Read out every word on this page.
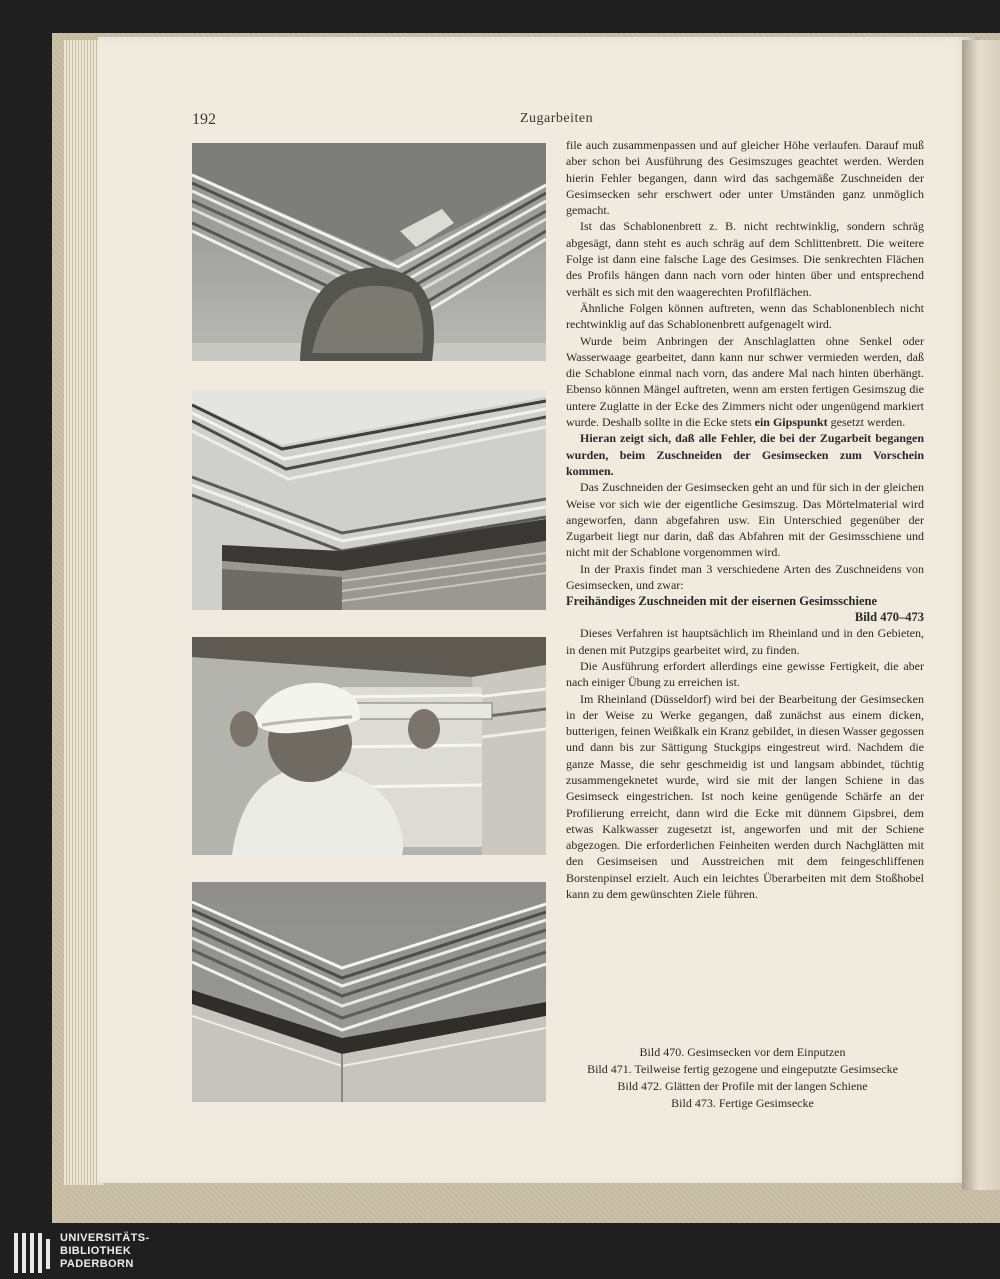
192	Zugarbeiten

file auch zusammenpassen und auf gleicher Höhe verlaufen. Darauf muß aber schon bei Ausführung des Gesimszuges geachtet werden. Werden hierin Fehler begangen, dann wird das sachgemäße Zuschneiden der Gesimsecken sehr erschwert oder unter Umständen ganz unmöglich gemacht.

Ist das Schablonenbrett z. B. nicht rechtwinklig, sondern schräg abgesägt, dann steht es auch schräg auf dem Schlittenbrett. Die weitere Folge ist dann eine falsche Lage des Gesimses. Die senkrechten Flächen des Profils hängen dann nach vorn oder hinten über und entsprechend verhält es sich mit den waagerechten Profilflächen.

Ähnliche Folgen können auftreten, wenn das Schablonenblech nicht rechtwinklig auf das Schablonenbrett aufgenagelt wird.

Wurde beim Anbringen der Anschlaglatten ohne Senkel oder Wasserwaage gearbeitet, dann kann nur schwer vermieden werden, daß die Schablone einmal nach vorn, das andere Mal nach hinten überhängt. Ebenso können Mängel auftreten, wenn am ersten fertigen Gesimszug die untere Zuglatte in der Ecke des Zimmers nicht oder ungenügend markiert wurde. Deshalb sollte in die Ecke stets ein Gipspunkt gesetzt werden.

Hieran zeigt sich, daß alle Fehler, die bei der Zugarbeit begangen wurden, beim Zuschneiden der Gesimsecken zum Vorschein kommen.

Das Zuschneiden der Gesimsecken geht an und für sich in der gleichen Weise vor sich wie der eigentliche Gesimszug. Das Mörtelmaterial wird angeworfen, dann abgefahren usw. Ein Unterschied gegenüber der Zugarbeit liegt nur darin, daß das Abfahren mit der Gesimsschiene und nicht mit der Schablone vorgenommen wird.

In der Praxis findet man 3 verschiedene Arten des Zuschneidens von Gesimsecken, und zwar:

Freihändiges Zuschneiden mit der eisernen Gesimsschiene
Bild 470–473

Dieses Verfahren ist hauptsächlich im Rheinland und in den Gebieten, in denen mit Putzgips gearbeitet wird, zu finden.

Die Ausführung erfordert allerdings eine gewisse Fertigkeit, die aber nach einiger Übung zu erreichen ist.

Im Rheinland (Düsseldorf) wird bei der Bearbeitung der Gesimsecken in der Weise zu Werke gegangen, daß zunächst aus einem dicken, butterigen, feinen Weißkalk ein Kranz gebildet, in diesen Wasser gegossen und dann bis zur Sättigung Stuckgips eingestreut wird. Nachdem die ganze Masse, die sehr geschmeidig ist und langsam abbindet, tüchtig zusammengeknetet wurde, wird sie mit der langen Schiene in das Gesimseck eingestrichen. Ist noch keine genügende Schärfe an der Profilierung erreicht, dann wird die Ecke mit dünnem Gipsbrei, dem etwas Kalkwasser zugesetzt ist, angeworfen und mit der Schiene abgezogen. Die erforderlichen Feinheiten werden durch Nachglätten mit den Gesimseisen und Ausstreichen mit dem feingeschliffenen Borstenpinsel erzielt. Auch ein leichtes Überarbeiten mit dem Stoßhobel kann zu dem gewünschten Ziele führen.

Bild 470. Gesimsecken vor dem Einputzen
Bild 471. Teilweise fertig gezogene und eingeputzte Gesimsecke
Bild 472. Glätten der Profile mit der langen Schiene
Bild 473. Fertige Gesimsecke
UNIVERSITÄTS-
BIBLIOTHEK
PADERBORN
